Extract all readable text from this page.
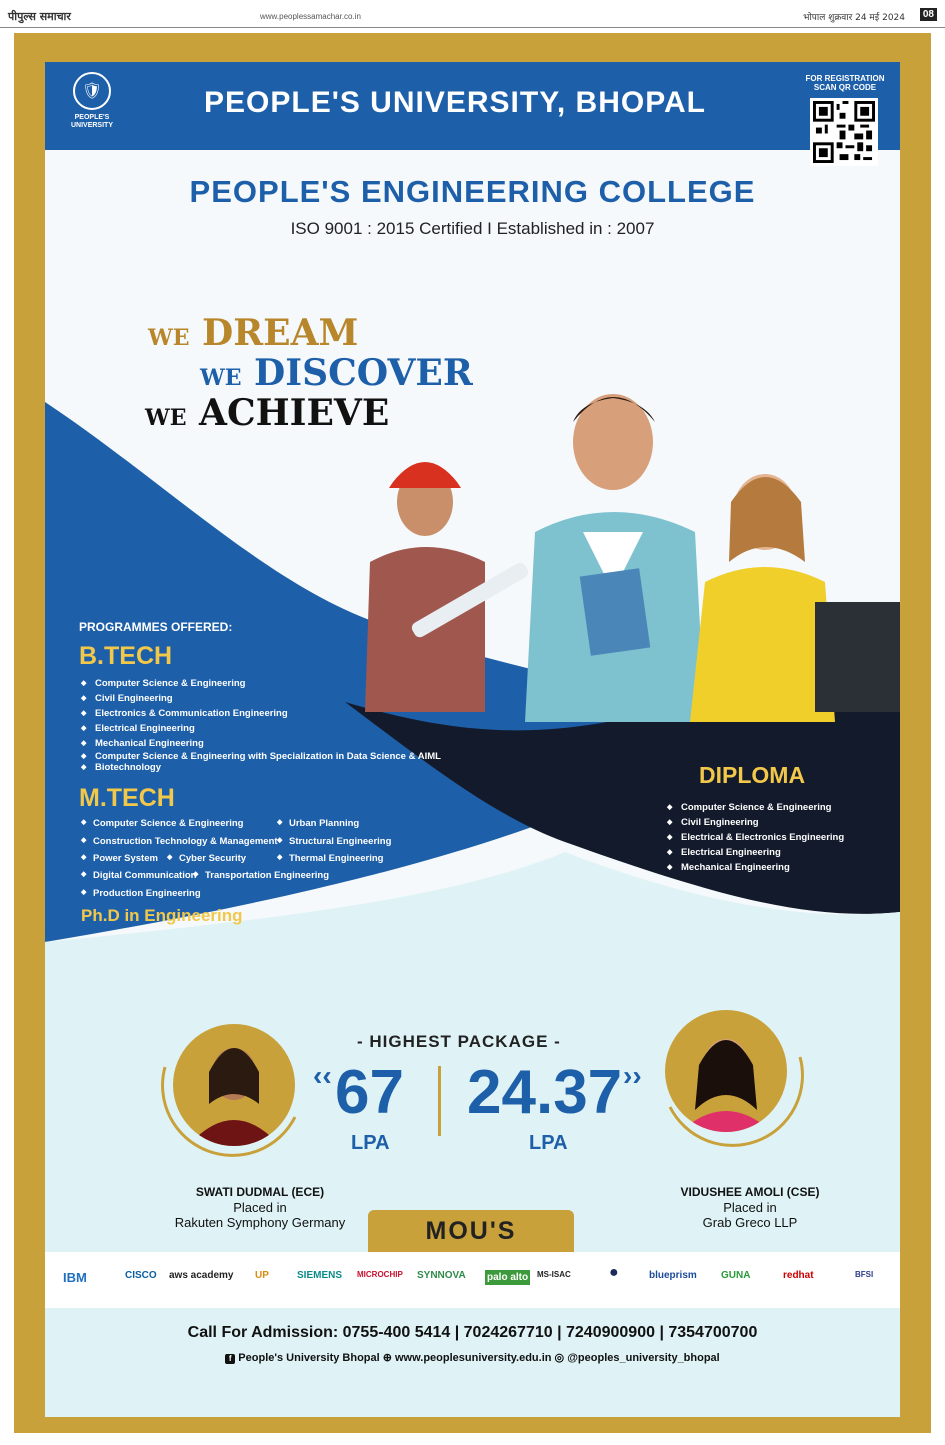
पीपुल्स समाचार	www.peoplessamachar.co.in	भोपाल शुक्रवार 24 मई 2024	08
🛡
PEOPLE'S UNIVERSITY
PEOPLE'S UNIVERSITY, BHOPAL
FOR REGISTRATION SCAN QR CODE
PEOPLE'S ENGINEERING COLLEGE
ISO 9001 : 2015 Certified I Established in : 2007
WE DREAM
WE DISCOVER
WE ACHIEVE
PROGRAMMES OFFERED:
B.TECH
◆ Computer Science & Engineering
◆ Civil Engineering
◆ Electronics & Communication Engineering
◆ Electrical Engineering
◆ Mechanical Engineering
◆ Computer Science & Engineering with Specialization in Data Science & AIML
◆ Biotechnology
M.TECH
◆ Computer Science & Engineering	◆ Urban Planning
◆ Construction Technology & Management	◆ Structural Engineering
◆ Power System	◆ Cyber Security	◆ Thermal Engineering
◆ Digital Communication ◆ Transportation Engineering
◆ Production Engineering
Ph.D in Engineering
DIPLOMA
◆ Computer Science & Engineering
◆ Civil Engineering
◆ Electrical & Electronics Engineering
◆ Electrical Engineering
◆ Mechanical Engineering
- HIGHEST PACKAGE -
‹‹ 67 24.37 ››
LPA	LPA
SWATI DUDMAL (ECE)
Placed in
Rakuten Symphony Germany
VIDUSHEE AMOLI (CSE)
Placed in
Grab Greco LLP
MOU'S
IBM	CISCO aws academy UP	SIEMENS MICROCHIP SYNNOVA palo alto MS-ISAC ●	blueprism GUNA	redhat	BFSI
Call For Admission: 0755-400 5414 | 7024267710 | 7240900900 | 7354700700
f People's University Bhopal ⊕ www.peoplesuniversity.edu.in ◎ @peoples_university_bhopal
